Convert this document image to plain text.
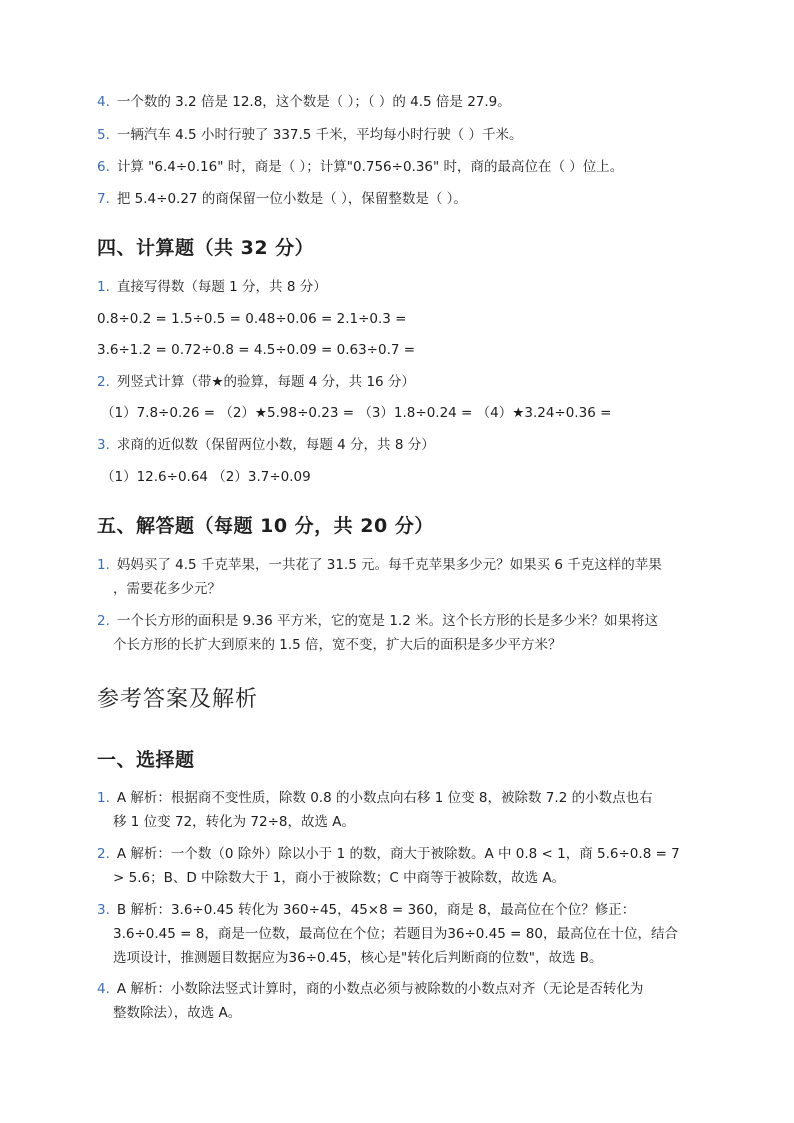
4. 一个数的 3.2 倍是 12.8，这个数是（ ）；（ ）的 4.5 倍是 27.9。
5. 一辆汽车 4.5 小时行驶了 337.5 千米，平均每小时行驶（ ）千米。
6. 计算 "6.4÷0.16" 时，商是（ ）；计算"0.756÷0.36" 时，商的最高位在（ ）位上。
7. 把 5.4÷0.27 的商保留一位小数是（ ），保留整数是（ ）。
四、计算题（共 32 分）
1. 直接写得数（每题 1 分，共 8 分）
0.8÷0.2 = 1.5÷0.5 = 0.48÷0.06 = 2.1÷0.3 =
3.6÷1.2 = 0.72÷0.8 = 4.5÷0.09 = 0.63÷0.7 =
2. 列竖式计算（带★的验算，每题 4 分，共 16 分）
（1）7.8÷0.26 = （2）★5.98÷0.23 = （3）1.8÷0.24 = （4）★3.24÷0.36 =
3. 求商的近似数（保留两位小数，每题 4 分，共 8 分）
（1）12.6÷0.64 （2）3.7÷0.09
五、解答题（每题 10 分，共 20 分）
1. 妈妈买了 4.5 千克苹果，一共花了 31.5 元。每千克苹果多少元？如果买 6 千克这样的苹果
，需要花多少元？
2. 一个长方形的面积是 9.36 平方米，它的宽是 1.2 米。这个长方形的长是多少米？如果将这
个长方形的长扩大到原来的 1.5 倍，宽不变，扩大后的面积是多少平方米？
参考答案及解析
一、选择题
1. A 解析：根据商不变性质，除数 0.8 的小数点向右移 1 位变 8，被除数 7.2 的小数点也右
移 1 位变 72，转化为 72÷8，故选 A。
2. A 解析：一个数（0 除外）除以小于 1 的数，商大于被除数。A 中 0.8 < 1，商 5.6÷0.8 = 7
> 5.6；B、D 中除数大于 1，商小于被除数；C 中商等于被除数，故选 A。
3. B 解析：3.6÷0.45 转化为 360÷45，45×8 = 360，商是 8，最高位在个位？修正：
3.6÷0.45 = 8，商是一位数，最高位在个位；若题目为36÷0.45 = 80，最高位在十位，结合
选项设计，推测题目数据应为36÷0.45，核心是"转化后判断商的位数"，故选 B。
4. A 解析：小数除法竖式计算时，商的小数点必须与被除数的小数点对齐（无论是否转化为
整数除法），故选 A。
